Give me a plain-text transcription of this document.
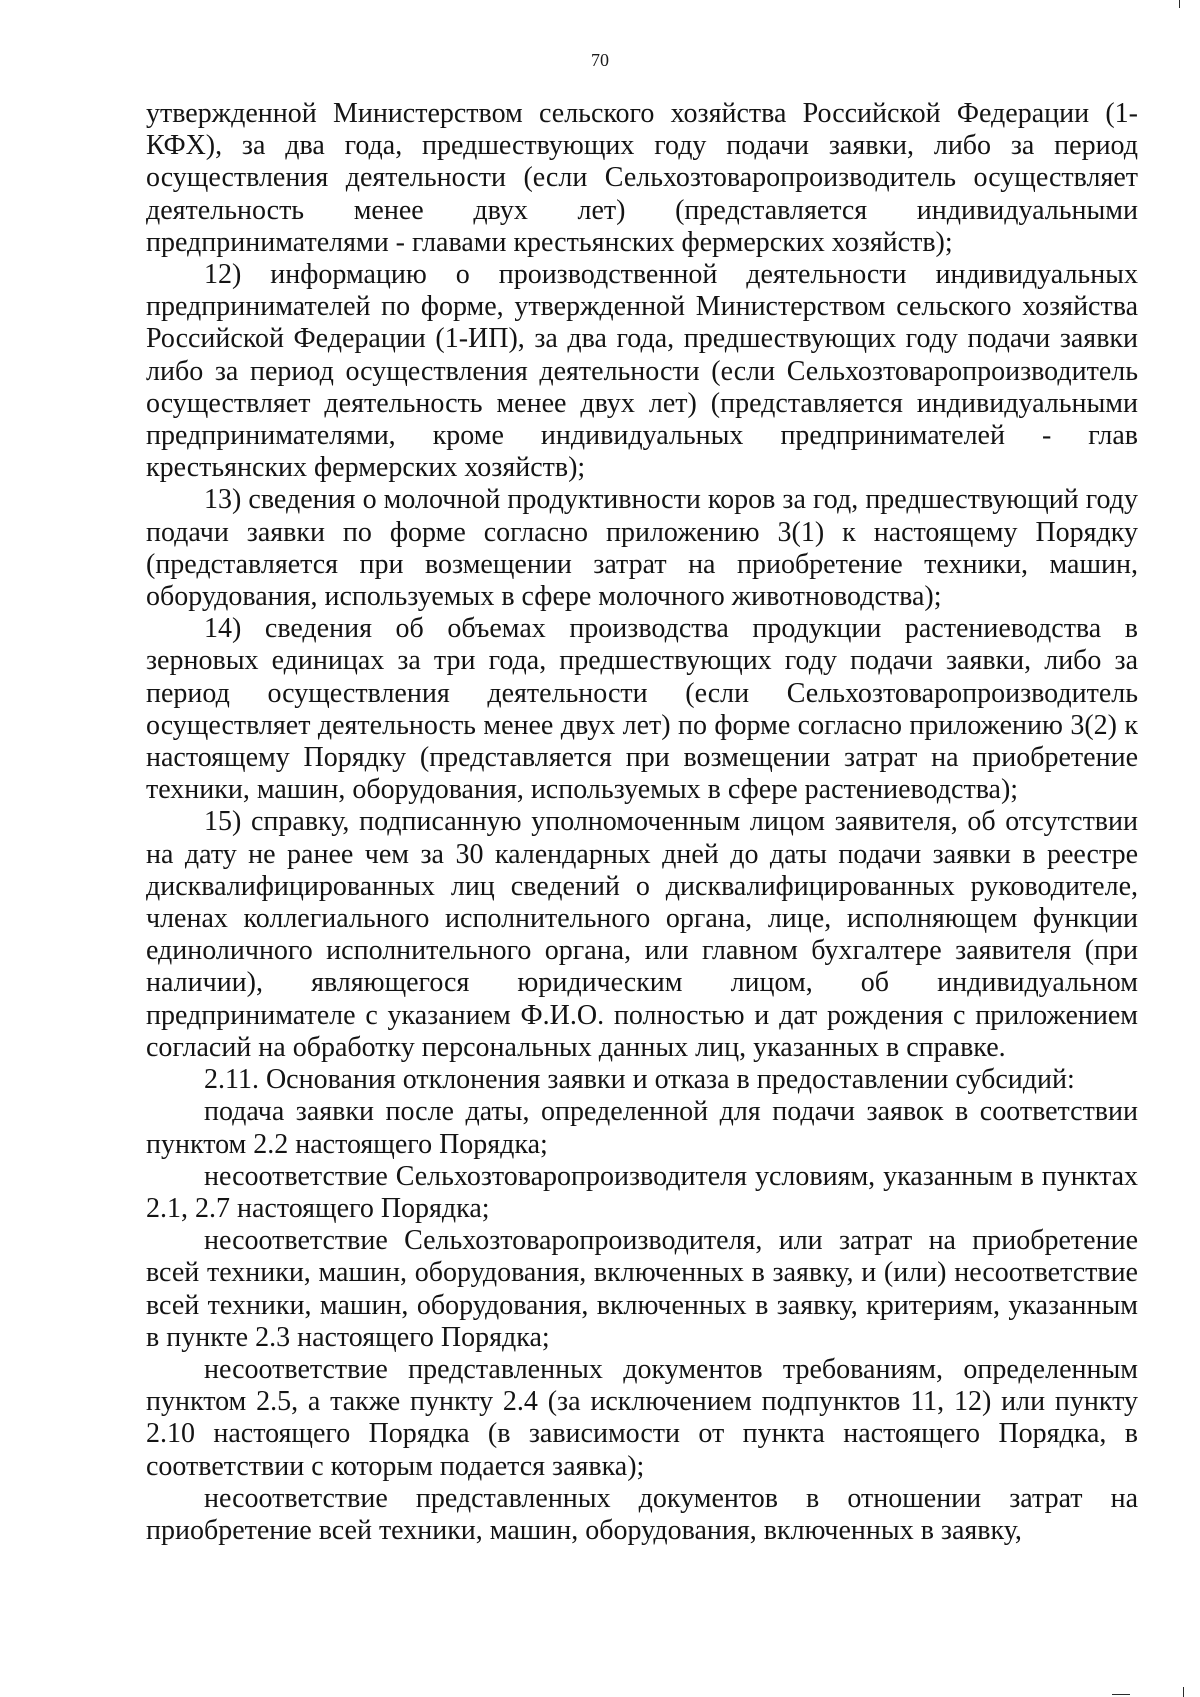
70

утвержденной Министерством сельского хозяйства Российской Федерации (1-КФХ), за два года, предшествующих году подачи заявки, либо за период осуществления деятельности (если Сельхозтоваропроизводитель осуществляет деятельность менее двух лет) (представляется индивидуальными предпринимателями - главами крестьянских фермерских хозяйств);

12) информацию о производственной деятельности индивидуальных предпринимателей по форме, утвержденной Министерством сельского хозяйства Российской Федерации (1-ИП), за два года, предшествующих году подачи заявки либо за период осуществления деятельности (если Сельхозтоваропроизводитель осуществляет деятельность менее двух лет) (представляется индивидуальными предпринимателями, кроме индивидуальных предпринимателей - глав крестьянских фермерских хозяйств);

13) сведения о молочной продуктивности коров за год, предшествующий году подачи заявки по форме согласно приложению 3(1) к настоящему Порядку (представляется при возмещении затрат на приобретение техники, машин, оборудования, используемых в сфере молочного животноводства);

14) сведения об объемах производства продукции растениеводства в зерновых единицах за три года, предшествующих году подачи заявки, либо за период осуществления деятельности (если Сельхозтоваропроизводитель осуществляет деятельность менее двух лет) по форме согласно приложению 3(2) к настоящему Порядку (представляется при возмещении затрат на приобретение техники, машин, оборудования, используемых в сфере растениеводства);

15) справку, подписанную уполномоченным лицом заявителя, об отсутствии на дату не ранее чем за 30 календарных дней до даты подачи заявки в реестре дисквалифицированных лиц сведений о дисквалифицированных руководителе, членах коллегиального исполнительного органа, лице, исполняющем функции единоличного исполнительного органа, или главном бухгалтере заявителя (при наличии), являющегося юридическим лицом, об индивидуальном предпринимателе с указанием Ф.И.О. полностью и дат рождения с приложением согласий на обработку персональных данных лиц, указанных в справке.

2.11. Основания отклонения заявки и отказа в предоставлении субсидий:

подача заявки после даты, определенной для подачи заявок в соответствии пунктом 2.2 настоящего Порядка;

несоответствие Сельхозтоваропроизводителя условиям, указанным в пунктах 2.1, 2.7 настоящего Порядка;

несоответствие Сельхозтоваропроизводителя, или затрат на приобретение всей техники, машин, оборудования, включенных в заявку, и (или) несоответствие всей техники, машин, оборудования, включенных в заявку, критериям, указанным в пункте 2.3 настоящего Порядка;

несоответствие представленных документов требованиям, определенным пунктом 2.5, а также пункту 2.4 (за исключением подпунктов 11, 12) или пункту 2.10 настоящего Порядка (в зависимости от пункта настоящего Порядка, в соответствии с которым подается заявка);

несоответствие представленных документов в отношении затрат на приобретение всей техники, машин, оборудования, включенных в заявку,
